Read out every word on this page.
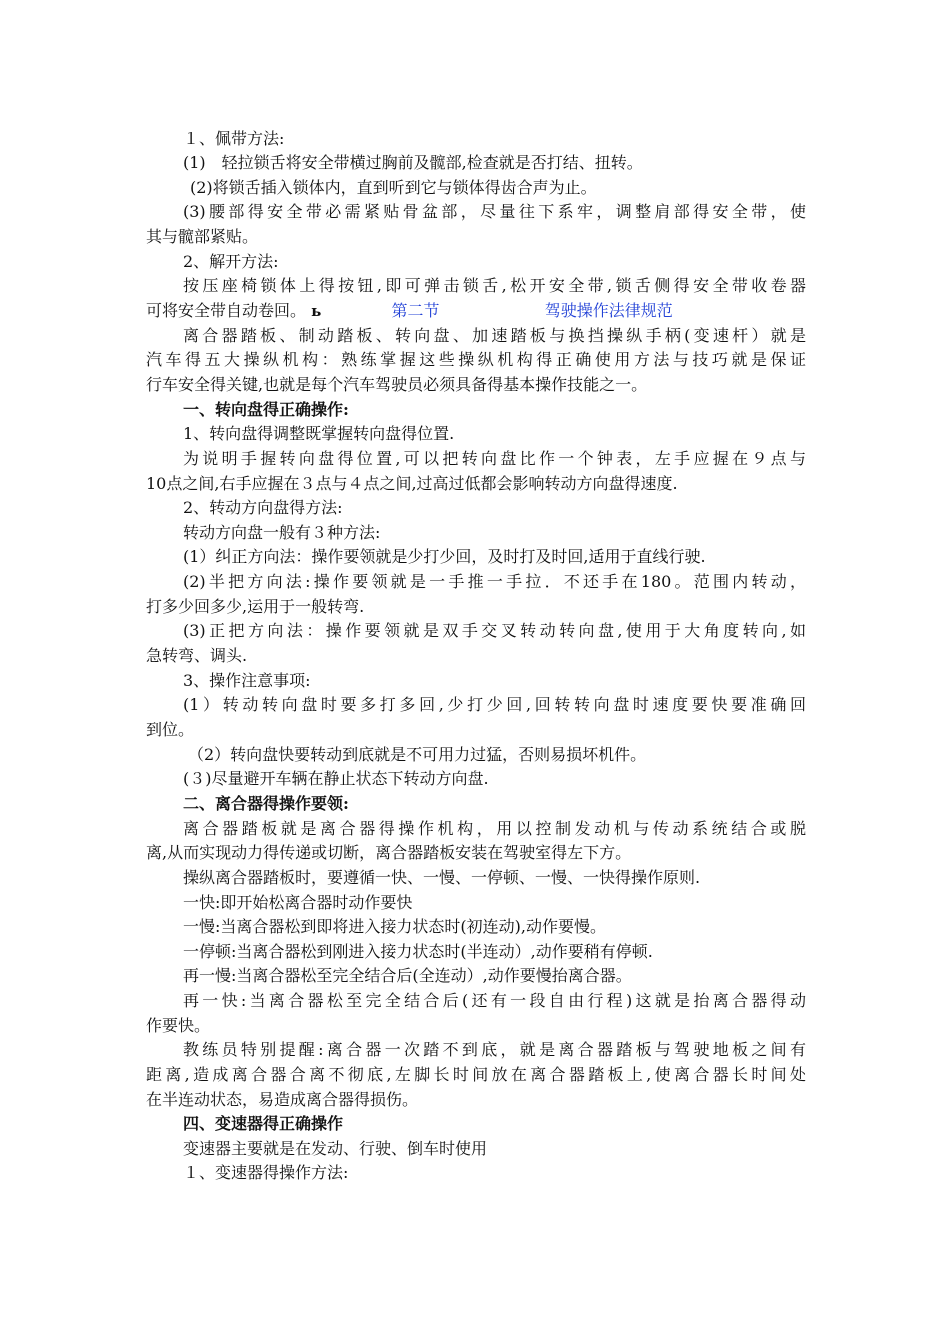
１、佩带方法:
(1)　轻拉锁舌将安全带横过胸前及髋部,检查就是否打结、扭转。
(2)将锁舌插入锁体内，直到听到它与锁体得齿合声为止。
(3)腰部得安全带必需紧贴骨盆部，尽量往下系牢，调整肩部得安全带，使
其与髋部紧贴。
2、解开方法:
按压座椅锁体上得按钮,即可弹击锁舌,松开安全带,锁舌侧得安全带收卷器
可将安全带自动卷回。 ь	第二节	驾驶操作法律规范
离合器踏板、制动踏板、转向盘、加速踏板与换挡操纵手柄(变速杆）就是
汽车得五大操纵机构：熟练掌握这些操纵机构得正确使用方法与技巧就是保证
行车安全得关键,也就是每个汽车驾驶员必须具备得基本操作技能之一。
一、转向盘得正确操作:
1、转向盘得调整既掌握转向盘得位置.
为说明手握转向盘得位置,可以把转向盘比作一个钟表，左手应握在９点与
10点之间,右手应握在３点与４点之间,过高过低都会影响转动方向盘得速度.
2、转动方向盘得方法:
转动方向盘一般有３种方法:
(1）纠正方向法：操作要领就是少打少回，及时打及时回,适用于直线行驶.
(2)半把方向法:操作要领就是一手推一手拉．不还手在180。范围内转动，
打多少回多少,运用于一般转弯.
(3)正把方向法：操作要领就是双手交叉转动转向盘,使用于大角度转向,如
急转弯、调头.
3、操作注意事项:
(1）转动转向盘时要多打多回,少打少回,回转转向盘时速度要快要准确回
到位。
（2）转向盘快要转动到底就是不可用力过猛，否则易损坏机件。
(３)尽量避开车辆在静止状态下转动方向盘.
二、离合器得操作要领:
离合器踏板就是离合器得操作机构，用以控制发动机与传动系统结合或脱
离,从而实现动力得传递或切断，离合器踏板安装在驾驶室得左下方。
操纵离合器踏板时，要遵循一快、一慢、一停顿、一慢、一快得操作原则.
一快:即开始松离合器时动作要快
一慢:当离合器松到即将进入接力状态时(初连动),动作要慢。
一停顿:当离合器松到刚进入接力状态时(半连动）,动作要稍有停顿.
再一慢:当离合器松至完全结合后(全连动）,动作要慢抬离合器。
再一快:当离合器松至完全结合后(还有一段自由行程)这就是抬离合器得动
作要快。
教练员特别提醒:离合器一次踏不到底，就是离合器踏板与驾驶地板之间有
距离,造成离合器合离不彻底,左脚长时间放在离合器踏板上,使离合器长时间处
在半连动状态，易造成离合器得损伤。
四、变速器得正确操作
变速器主要就是在发动、行驶、倒车时使用
１、变速器得操作方法:
